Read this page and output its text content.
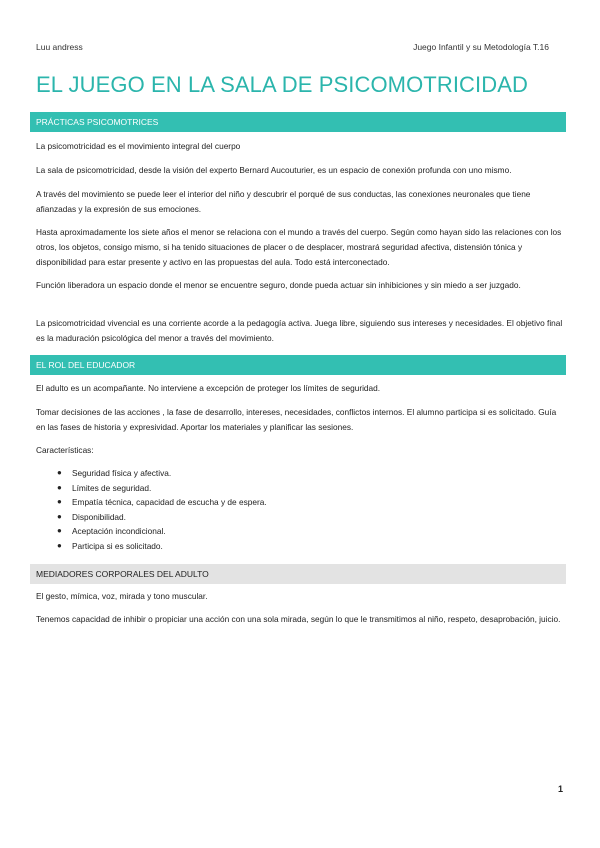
Luu andress	Juego Infantil y su Metodología T.16
EL JUEGO EN LA SALA DE PSICOMOTRICIDAD
PRÁCTICAS PSICOMOTRICES

La psicomotricidad es el movimiento integral del cuerpo

La sala de psicomotricidad, desde la visión del experto Bernard Aucouturier, es un espacio de conexión profunda con uno mismo.

A través del movimiento se puede leer el interior del niño y descubrir el porqué de sus conductas, las conexiones neuronales que tiene afianzadas y la expresión de sus emociones.

Hasta aproximadamente los siete años el menor se relaciona con el mundo a través del cuerpo. Según como hayan sido las relaciones con los otros, los objetos, consigo mismo, si ha tenido situaciones de placer o de desplacer, mostrará seguridad afectiva, distensión tónica y disponibilidad para estar presente y activo en las propuestas del aula. Todo está interconectado.

Función liberadora un espacio donde el menor se encuentre seguro, donde pueda actuar sin inhibiciones y sin miedo a ser juzgado.

La psicomotricidad vivencial es una corriente acorde a la pedagogía activa. Juega libre, siguiendo sus intereses y necesidades. El objetivo final es la maduración psicológica del menor a través del movimiento.

EL ROL DEL EDUCADOR

El adulto es un acompañante. No interviene a excepción de proteger los límites de seguridad.

Tomar decisiones de las acciones , la fase de desarrollo, intereses, necesidades, conflictos internos. El alumno participa si es solicitado. Guía en las fases de historia y expresividad. Aportar los materiales y planificar las sesiones.

Características:

● Seguridad física y afectiva.
● Límites de seguridad.
● Empatía técnica, capacidad de escucha y de espera.
● Disponibilidad.
● Aceptación incondicional.
● Participa si es solicitado.
MEDIADORES CORPORALES DEL ADULTO

El gesto, mímica, voz, mirada y tono muscular.

Tenemos capacidad de inhibir o propiciar una acción con una sola mirada, según lo que le transmitimos al niño, respeto, desaprobación, juicio.

1
